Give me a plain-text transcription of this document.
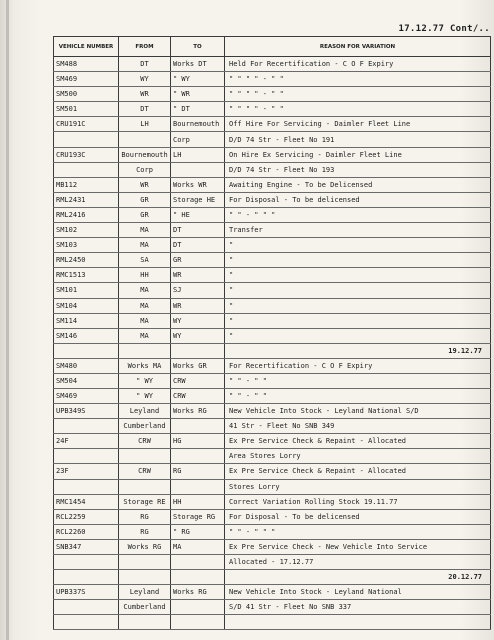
17.12.77 Cont/..
VEHICLE NUMBER	FROM	TO	REASON FOR VARIATION
SM488	DT	Works DT	Held For Recertification - C O F Expiry
SM469	WY	" WY	" " " " - " "
SM500	WR	" WR	" " " " - " "
SM501	DT	" DT	" " " " - " "
CRU191C	LH	Bournemouth	Off Hire For Servicing - Daimler Fleet Line
		Corp	D/D 74 Str - Fleet No 191
CRU193C	Bournemouth	LH	On Hire Ex Servicing - Daimler Fleet Line
	Corp		D/D 74 Str - Fleet No 193
MB112	WR	Works WR	Awaiting Engine - To be Delicensed
RML2431	GR	Storage HE	For Disposal - To be delicensed
RML2416	GR	" HE	" " - " " "
SM102	MA	DT	Transfer
SM103	MA	DT	"
RML2450	SA	GR	"
RMC1513	HH	WR	"
SM101	MA	SJ	"
SM104	MA	WR	"
SM114	MA	WY	"
SM146	MA	WY	"
			19.12.77
SM480	Works MA	Works GR	For Recertification - C O F Expiry
SM504	" WY	CRW	" " - " "
SM469	" WY	CRW	" " - " "
UPB349S	Leyland	Works RG	New Vehicle Into Stock - Leyland National S/D
	Cumberland		41 Str - Fleet No SNB 349
24F	CRW	HG	Ex Pre Service Check & Repaint - Allocated
			Area Stores Lorry
23F	CRW	RG	Ex Pre Service Check & Repaint - Allocated
			Stores Lorry
RMC1454	Storage RE	HH	Correct Variation Rolling Stock 19.11.77
RCL2259	RG	Storage RG	For Disposal - To be delicensed
RCL2260	RG	" RG	" " - " " "
SNB347	Works RG	MA	Ex Pre Service Check - New Vehicle Into Service
			Allocated - 17.12.77
			20.12.77
UPB337S	Leyland	Works RG	New Vehicle Into Stock - Leyland National
	Cumberland		S/D 41 Str - Fleet No SNB 337
